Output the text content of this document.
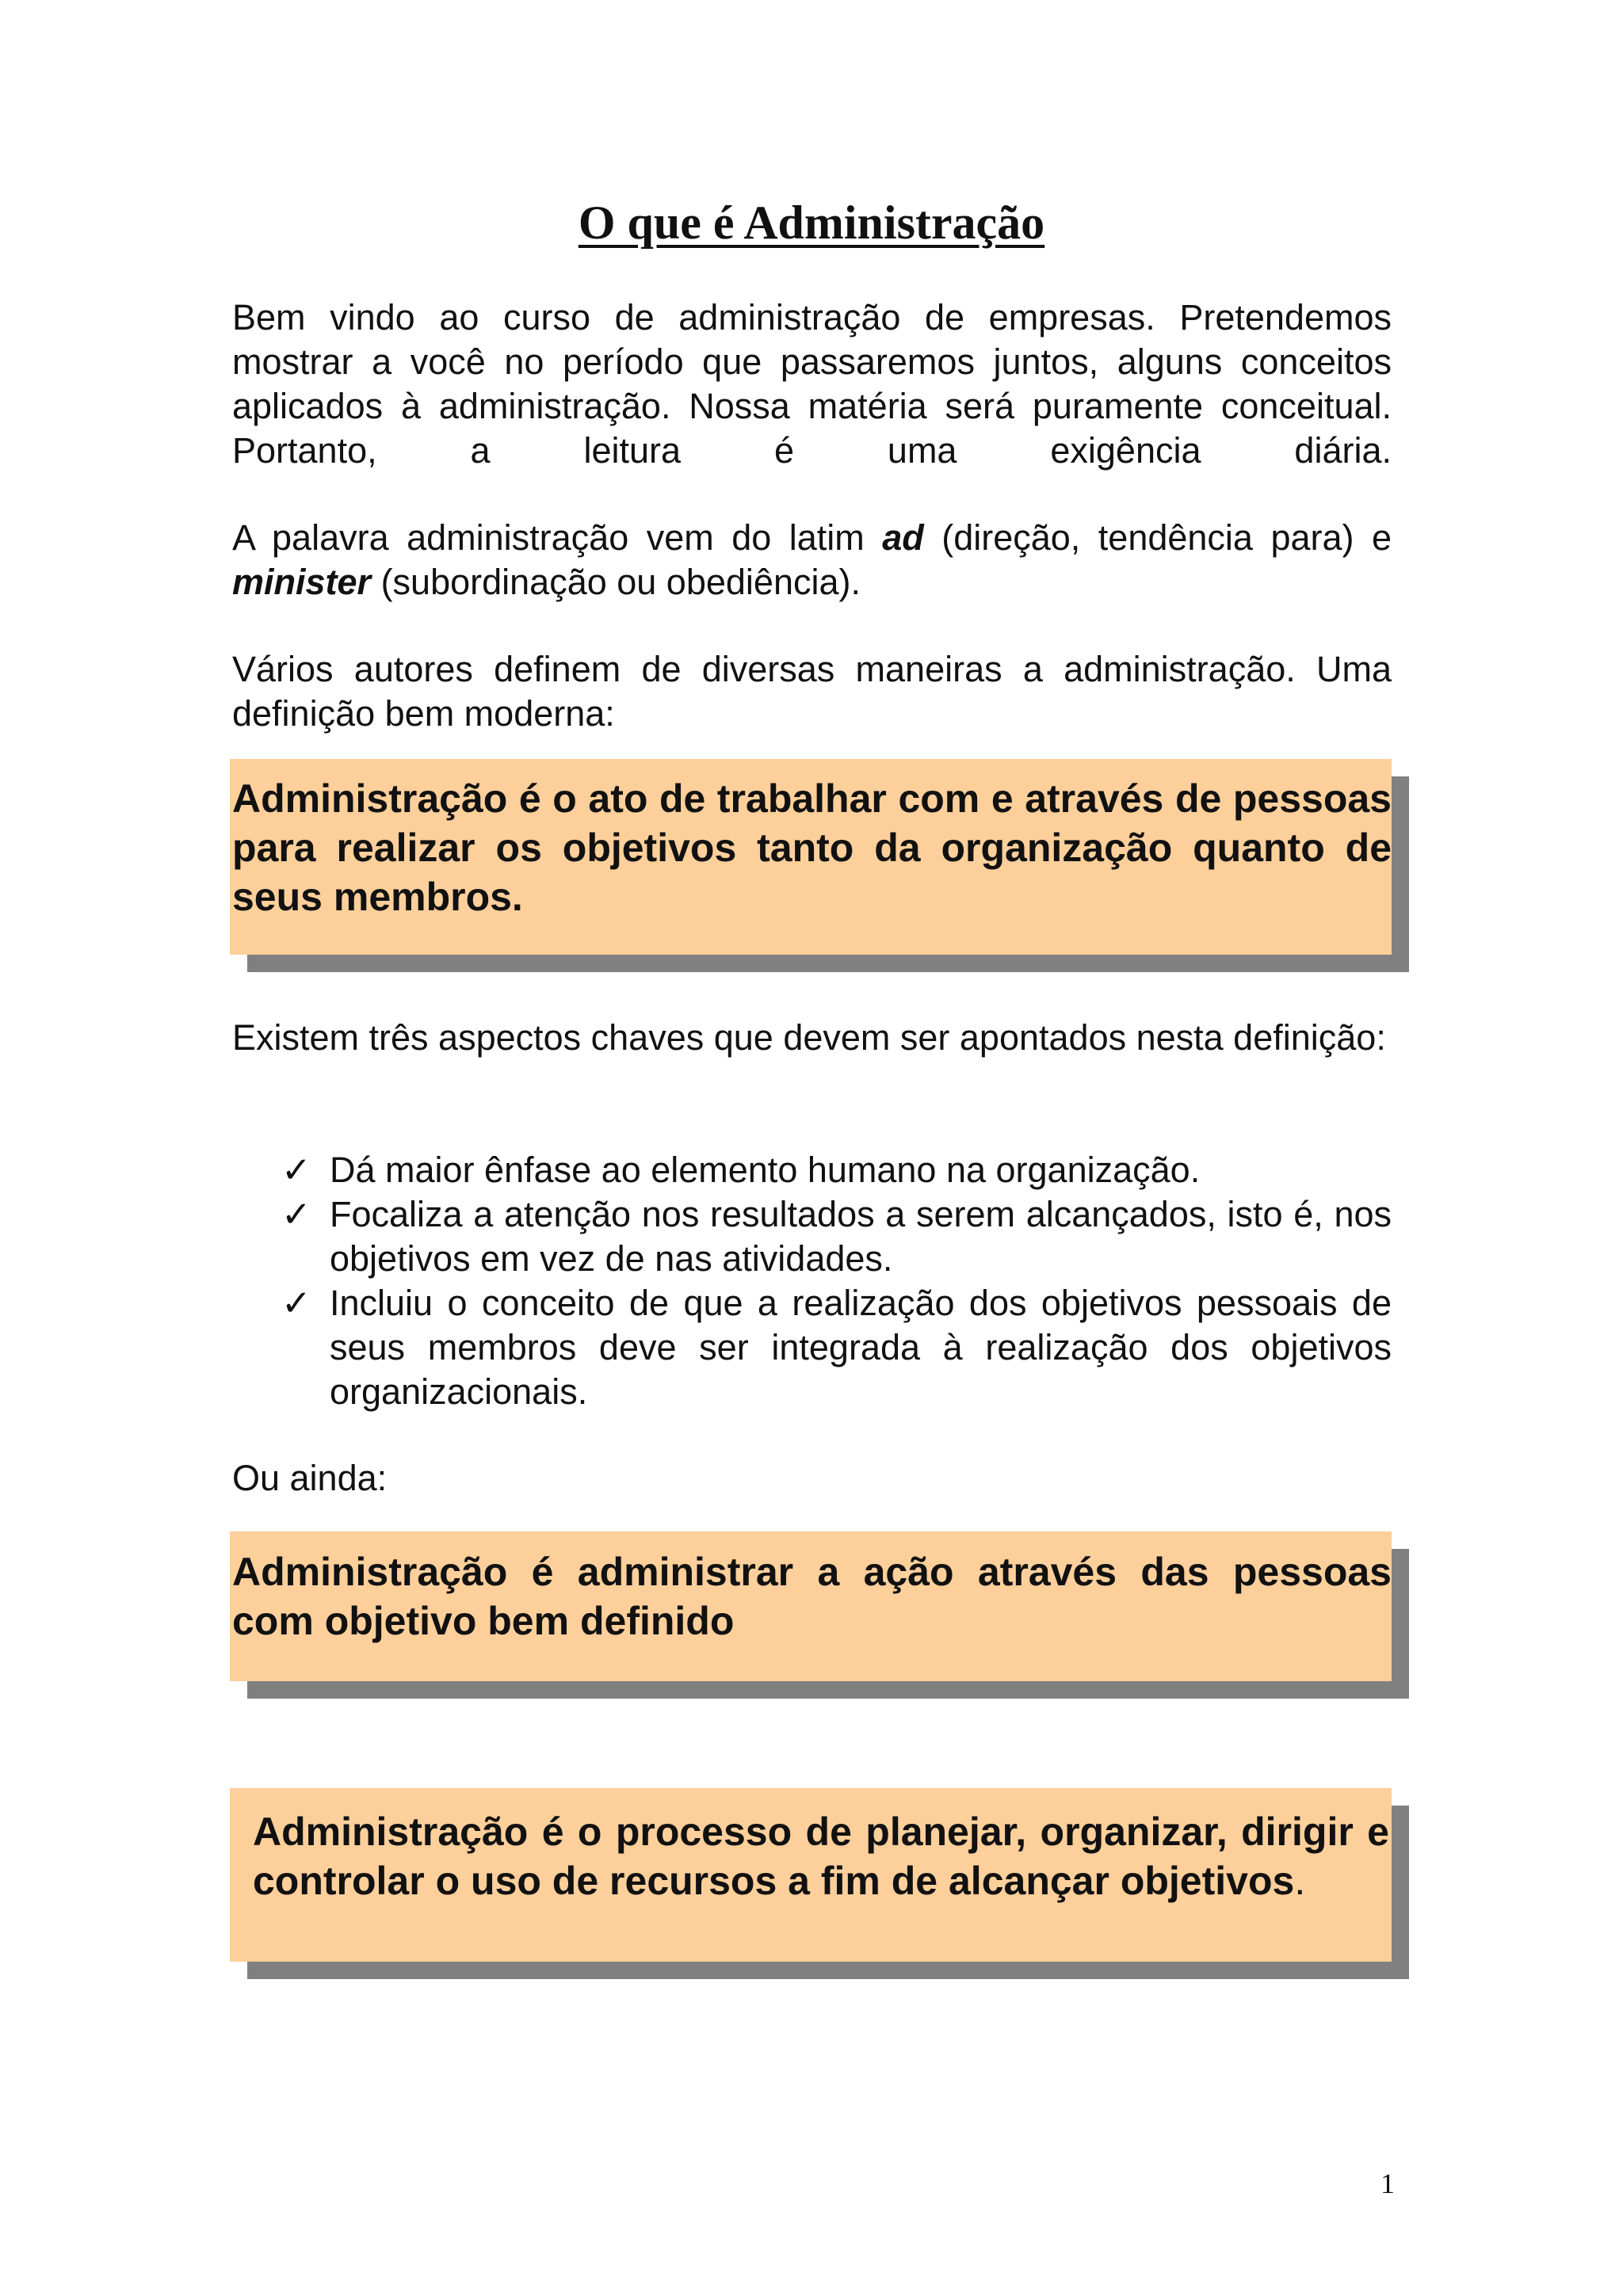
O que é Administração
Bem vindo ao curso de administração de empresas. Pretendemos mostrar a você no período que passaremos juntos, alguns conceitos aplicados à administração. Nossa matéria será puramente conceitual. Portanto, a leitura é uma exigência diária.
A palavra administração vem do latim ad (direção, tendência para) e minister (subordinação ou obediência).
Vários autores definem de diversas maneiras a administração. Uma definição bem moderna:
Administração é o ato de trabalhar com e através de pessoas para realizar os objetivos tanto da organização quanto de seus membros.
Existem três aspectos chaves que devem ser apontados nesta definição:
✓ Dá maior ênfase ao elemento humano na organização.
✓ Focaliza a atenção nos resultados a serem alcançados, isto é, nos objetivos em vez de nas atividades.
✓ Incluiu o conceito de que a realização dos objetivos pessoais de seus membros deve ser integrada à realização dos objetivos organizacionais.
Ou ainda:
Administração é administrar a ação através das pessoas com objetivo bem definido
Administração é o processo de planejar, organizar, dirigir e controlar o uso de recursos a fim de alcançar objetivos.
1
